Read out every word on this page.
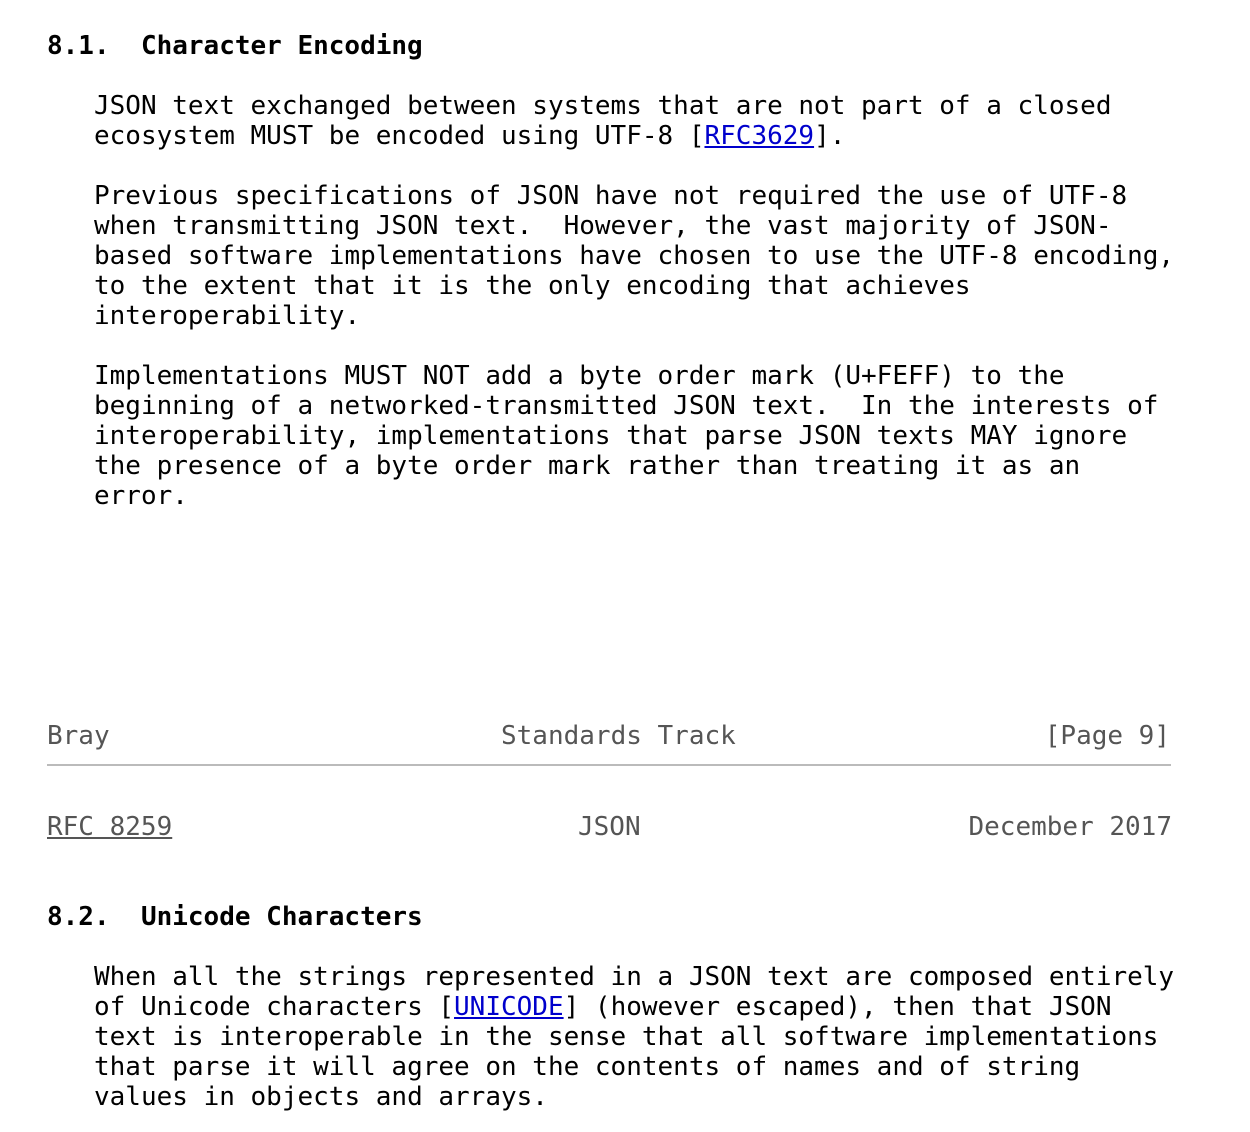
8.1. Character Encoding
JSON text exchanged between systems that are not part of a closed
ecosystem MUST be encoded using UTF-8 [RFC3629].
Previous specifications of JSON have not required the use of UTF-8
when transmitting JSON text.  However, the vast majority of JSON-
based software implementations have chosen to use the UTF-8 encoding,
to the extent that it is the only encoding that achieves
interoperability.
Implementations MUST NOT add a byte order mark (U+FEFF) to the
beginning of a networked-transmitted JSON text.  In the interests of
interoperability, implementations that parse JSON texts MAY ignore
the presence of a byte order mark rather than treating it as an
error.
Bray	Standards Track	[Page 9]
RFC 8259	JSON	December 2017
8.2. Unicode Characters
When all the strings represented in a JSON text are composed entirely
of Unicode characters [UNICODE] (however escaped), then that JSON
text is interoperable in the sense that all software implementations
that parse it will agree on the contents of names and of string
values in objects and arrays.
